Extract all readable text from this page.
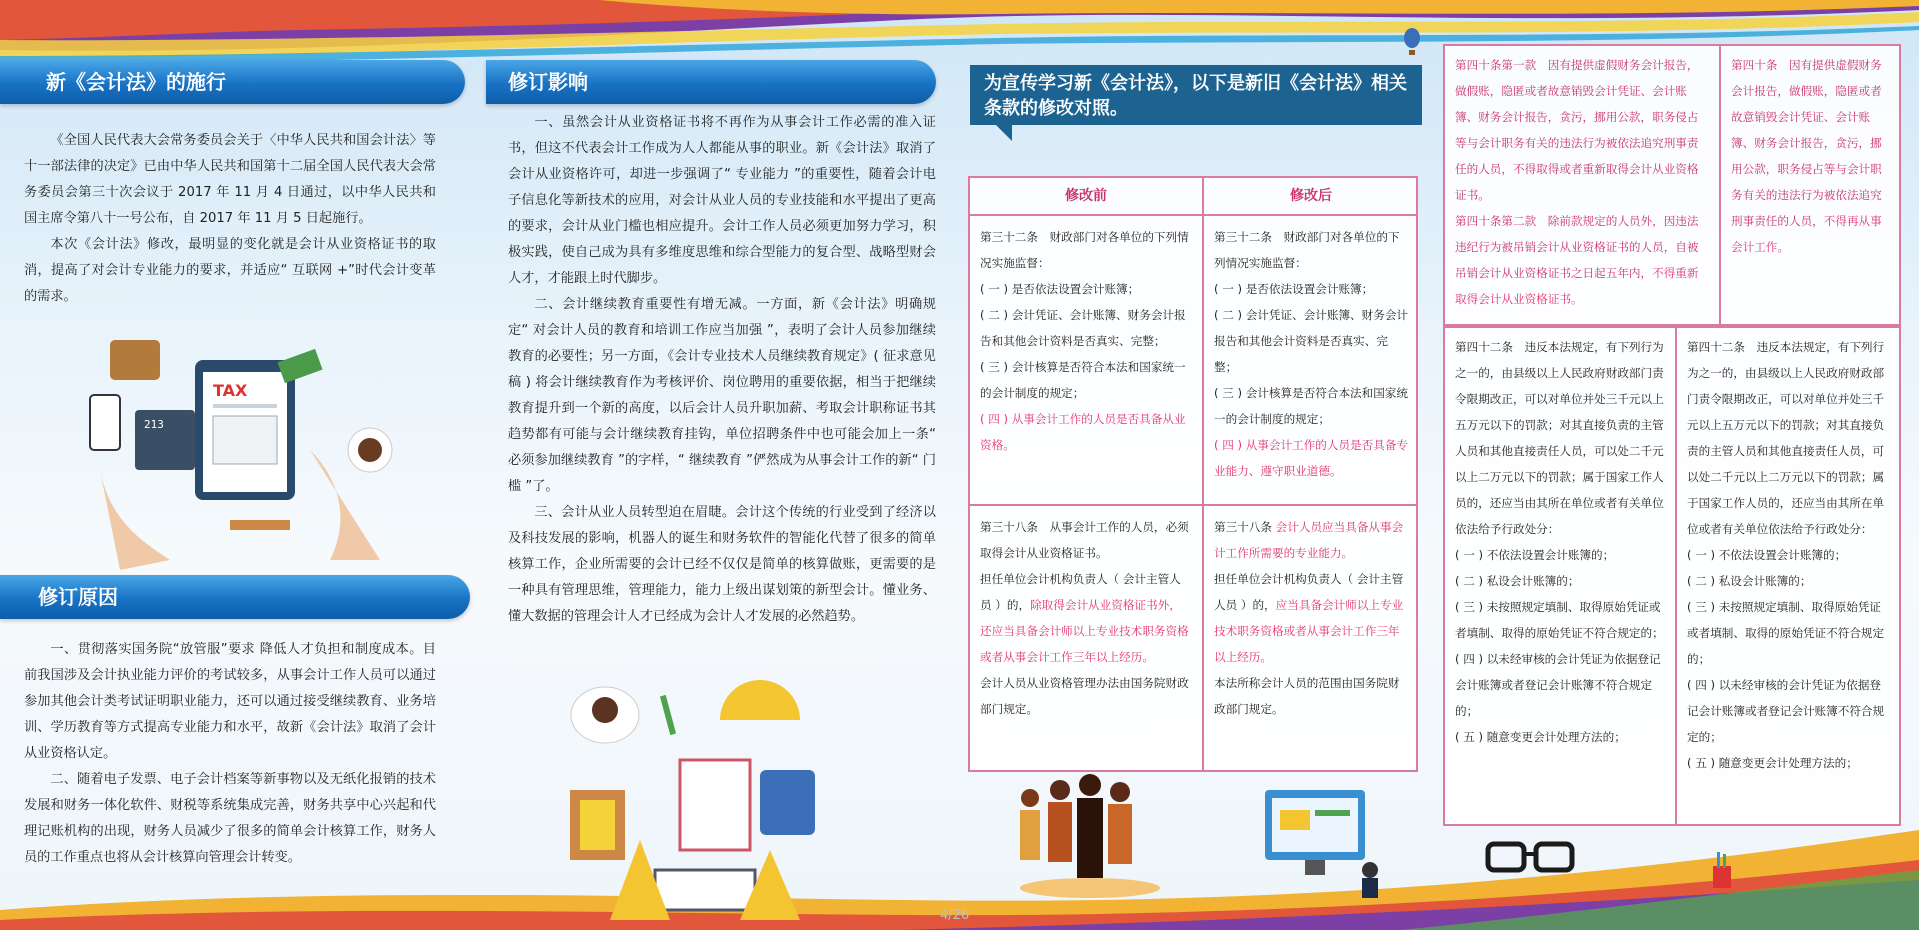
新《会计法》的施行

《全国人民代表大会常务委员会关于〈中华人民共和国会计法〉等十一部法律的决定》已由中华人民共和国第十二届全国人民代表大会常务委员会第三十次会议于 2017 年 11 月 4 日通过，以中华人民共和国主席令第八十一号公布，自 2017 年 11 月 5 日起施行。

本次《会计法》修改，最明显的变化就是会计从业资格证书的取消，提高了对会计专业能力的要求，并适应“ 互联网 +”时代会计变革的需求。

TAX
213
修订原因

一、贯彻落实国务院“放管服”要求 降低人才负担和制度成本。目前我国涉及会计执业能力评价的考试较多，从事会计工作人员可以通过参加其他会计类考试证明职业能力，还可以通过接受继续教育、业务培训、学历教育等方式提高专业能力和水平，故新《会计法》取消了会计从业资格认定。

二、随着电子发票、电子会计档案等新事物以及无纸化报销的技术发展和财务一体化软件、财税等系统集成完善，财务共享中心兴起和代理记账机构的出现，财务人员减少了很多的简单会计核算工作，财务人员的工作重点也将从会计核算向管理会计转变。

修订影响

一、虽然会计从业资格证书将不再作为从事会计工作必需的准入证书，但这不代表会计工作成为人人都能从事的职业。新《会计法》取消了会计从业资格许可，却进一步强调了“ 专业能力 ”的重要性，随着会计电子信息化等新技术的应用，对会计从业人员的专业技能和水平提出了更高的要求，会计从业门槛也相应提升。会计工作人员必须更加努力学习，积极实践，使自己成为具有多维度思维和综合型能力的复合型、战略型财会人才，才能跟上时代脚步。

二、会计继续教育重要性有增无减。一方面，新《会计法》明确规定“ 对会计人员的教育和培训工作应当加强 ”，表明了会计人员参加继续教育的必要性；另一方面，《会计专业技术人员继续教育规定》( 征求意见稿 ) 将会计继续教育作为考核评价、岗位聘用的重要依据，相当于把继续教育提升到一个新的高度，以后会计人员升职加薪、考取会计职称证书其趋势都有可能与会计继续教育挂钩，单位招聘条件中也可能会加上一条“ 必须参加继续教育 ”的字样，“ 继续教育 ”俨然成为从事会计工作的新“ 门槛 ”了。

三、会计从业人员转型迫在眉睫。会计这个传统的行业受到了经济以及科技发展的影响，机器人的诞生和财务软件的智能化代替了很多的简单核算工作，企业所需要的会计已经不仅仅是简单的核算做账，更需要的是一种具有管理思维，管理能力，能力上级出谋划策的新型会计。懂业务、懂大数据的管理会计人才已经成为会计人才发展的必然趋势。

为宣传学习新《会计法》，以下是新旧《会计法》相关条款的修改对照。
修改前	修改后

第三十二条　财政部门对各单位的下列情况实施监督：

( 一 ) 是否依法设置会计账簿；

( 二 ) 会计凭证、会计账簿、财务会计报告和其他会计资料是否真实、完整；

( 三 ) 会计核算是否符合本法和国家统一的会计制度的规定；

( 四 ) 从事会计工作的人员是否具备从业资格。

第三十二条　财政部门对各单位的下列情况实施监督：

( 一 ) 是否依法设置会计账簿；

( 二 ) 会计凭证、会计账簿、财务会计报告和其他会计资料是否真实、完整；

( 三 ) 会计核算是否符合本法和国家统一的会计制度的规定；

( 四 ) 从事会计工作的人员是否具备专业能力、遵守职业道德。

第三十八条　从事会计工作的人员，必须取得会计从业资格证书。

担任单位会计机构负责人（ 会计主管人员 ）的，除取得会计从业资格证书外，还应当具备会计师以上专业技术职务资格或者从事会计工作三年以上经历。

会计人员从业资格管理办法由国务院财政部门规定。

第三十八条 会计人员应当具备从事会计工作所需要的专业能力。

担任单位会计机构负责人（ 会计主管人员 ）的，应当具备会计师以上专业技术职务资格或者从事会计工作三年以上经历。

本法所称会计人员的范围由国务院财政部门规定。

第四十条第一款　因有提供虚假财务会计报告，做假账，隐匿或者故意销毁会计凭证、会计账簿、财务会计报告，贪污，挪用公款，职务侵占等与会计职务有关的违法行为被依法追究刑事责任的人员，不得取得或者重新取得会计从业资格证书。

第四十条第二款　除前款规定的人员外，因违法违纪行为被吊销会计从业资格证书的人员，自被吊销会计从业资格证书之日起五年内，不得重新取得会计从业资格证书。

第四十条　因有提供虚假财务会计报告，做假账，隐匿或者故意销毁会计凭证、会计账簿、财务会计报告，贪污，挪用公款，职务侵占等与会计职务有关的违法行为被依法追究刑事责任的人员，不得再从事会计工作。

第四十二条　违反本法规定，有下列行为之一的，由县级以上人民政府财政部门责令限期改正，可以对单位并处三千元以上五万元以下的罚款；对其直接负责的主管人员和其他直接责任人员，可以处二千元以上二万元以下的罚款；属于国家工作人员的，还应当由其所在单位或者有关单位依法给予行政处分：

( 一 ) 不依法设置会计账簿的；

( 二 ) 私设会计账簿的；

( 三 ) 未按照规定填制、取得原始凭证或者填制、取得的原始凭证不符合规定的；

( 四 ) 以未经审核的会计凭证为依据登记会计账簿或者登记会计账簿不符合规定的；

( 五 ) 随意变更会计处理方法的；

第四十二条　违反本法规定，有下列行为之一的，由县级以上人民政府财政部门责令限期改正，可以对单位并处三千元以上五万元以下的罚款；对其直接负责的主管人员和其他直接责任人员，可以处二千元以上二万元以下的罚款；属于国家工作人员的，还应当由其所在单位或者有关单位依法给予行政处分：

( 一 ) 不依法设置会计账簿的；

( 二 ) 私设会计账簿的；

( 三 ) 未按照规定填制、取得原始凭证或者填制、取得的原始凭证不符合规定的；

( 四 ) 以未经审核的会计凭证为依据登记会计账簿或者登记会计账簿不符合规定的；

( 五 ) 随意变更会计处理方法的；

4/26
